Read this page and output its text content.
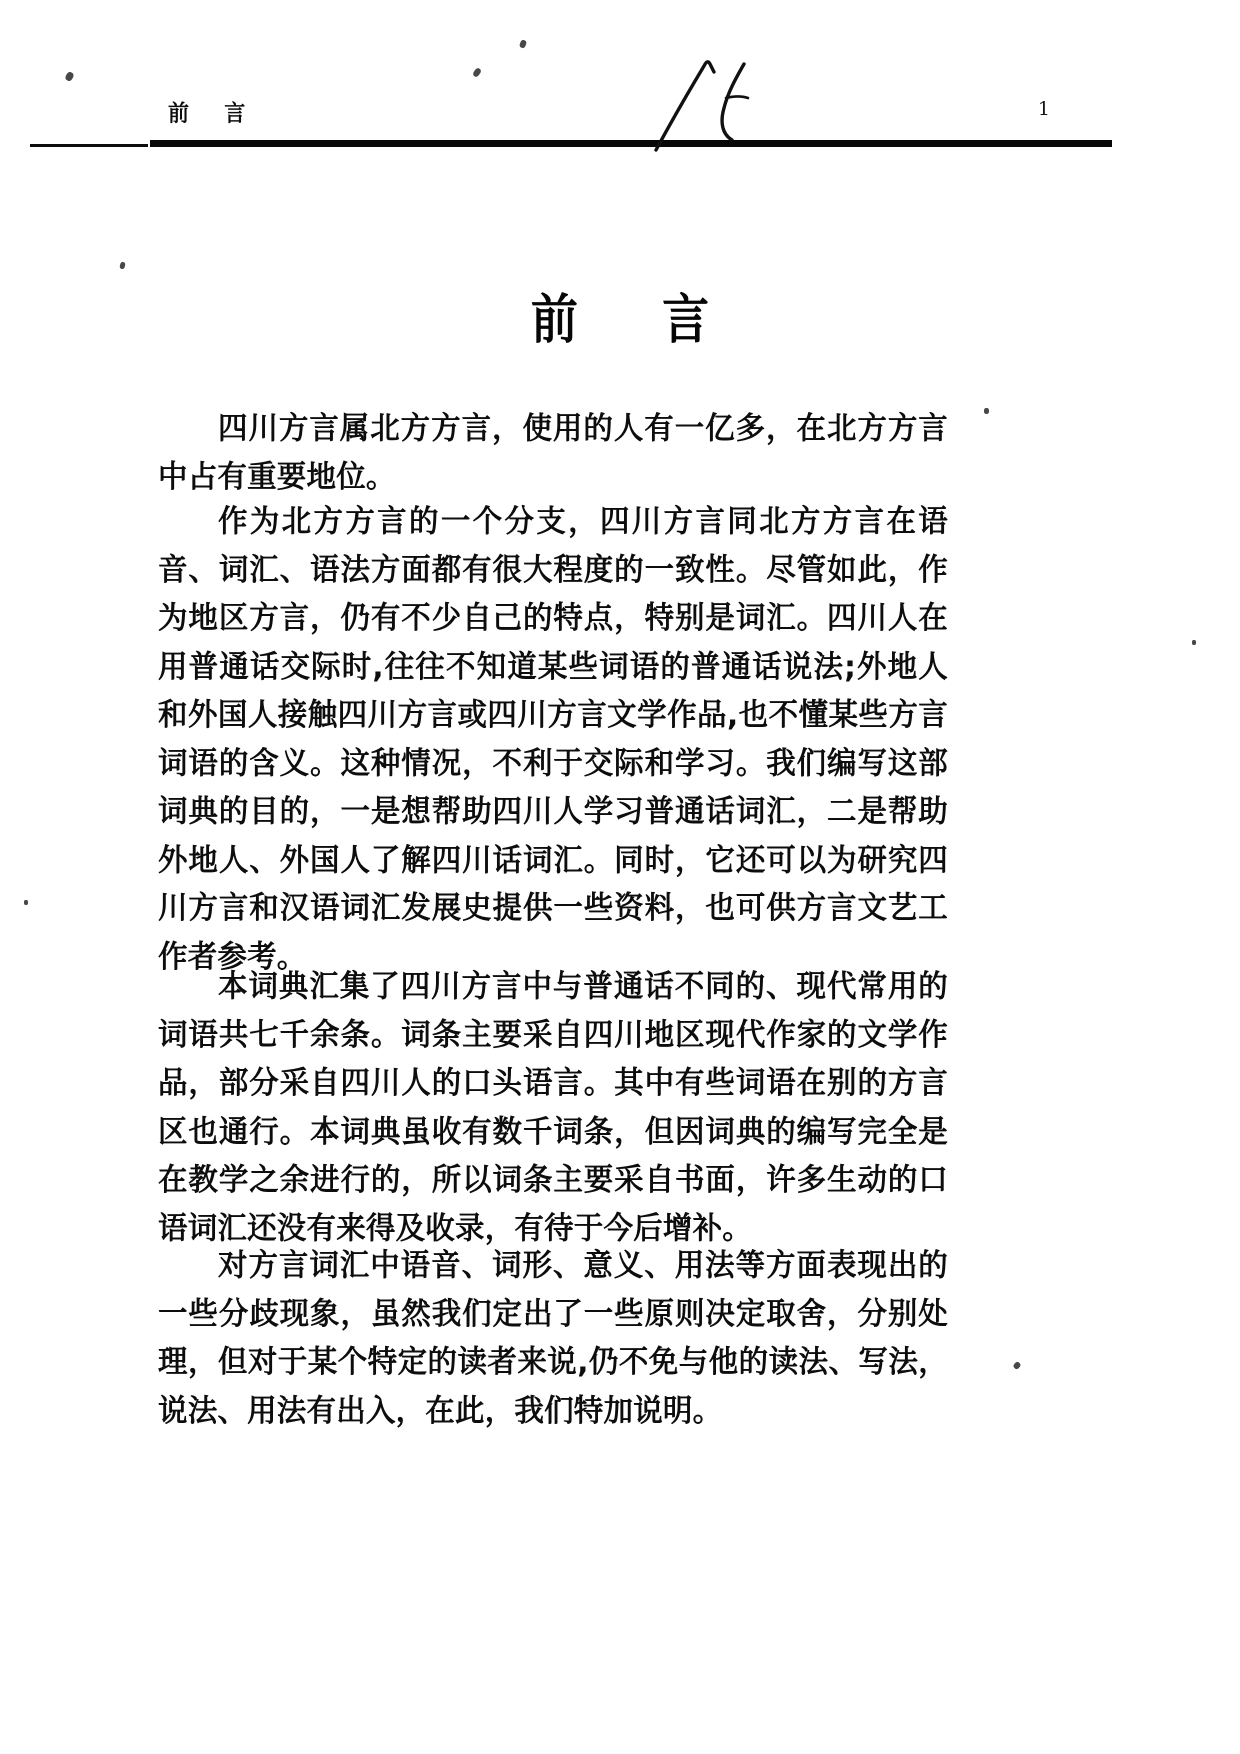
前 言	1
前 言

四川方言属北方方言，使用的人有一亿多，在北方方言中占有重要地位。

作为北方方言的一个分支，四川方言同北方方言在语音、词汇、语法方面都有很大程度的一致性。尽管如此，作为地区方言，仍有不少自己的特点，特别是词汇。四川人在用普通话交际时,往往不知道某些词语的普通话说法;外地人和外国人接触四川方言或四川方言文学作品,也不懂某些方言词语的含义。这种情况，不利于交际和学习。我们编写这部词典的目的，一是想帮助四川人学习普通话词汇，二是帮助外地人、外国人了解四川话词汇。同时，它还可以为研究四川方言和汉语词汇发展史提供一些资料，也可供方言文艺工作者参考。

本词典汇集了四川方言中与普通话不同的、现代常用的词语共七千余条。词条主要采自四川地区现代作家的文学作品，部分采自四川人的口头语言。其中有些词语在别的方言区也通行。本词典虽收有数千词条，但因词典的编写完全是在教学之余进行的，所以词条主要采自书面，许多生动的口语词汇还没有来得及收录，有待于今后增补。

对方言词汇中语音、词形、意义、用法等方面表现出的一些分歧现象，虽然我们定出了一些原则决定取舍，分别处理，但对于某个特定的读者来说,仍不免与他的读法、写法，说法、用法有出入，在此，我们特加说明。
